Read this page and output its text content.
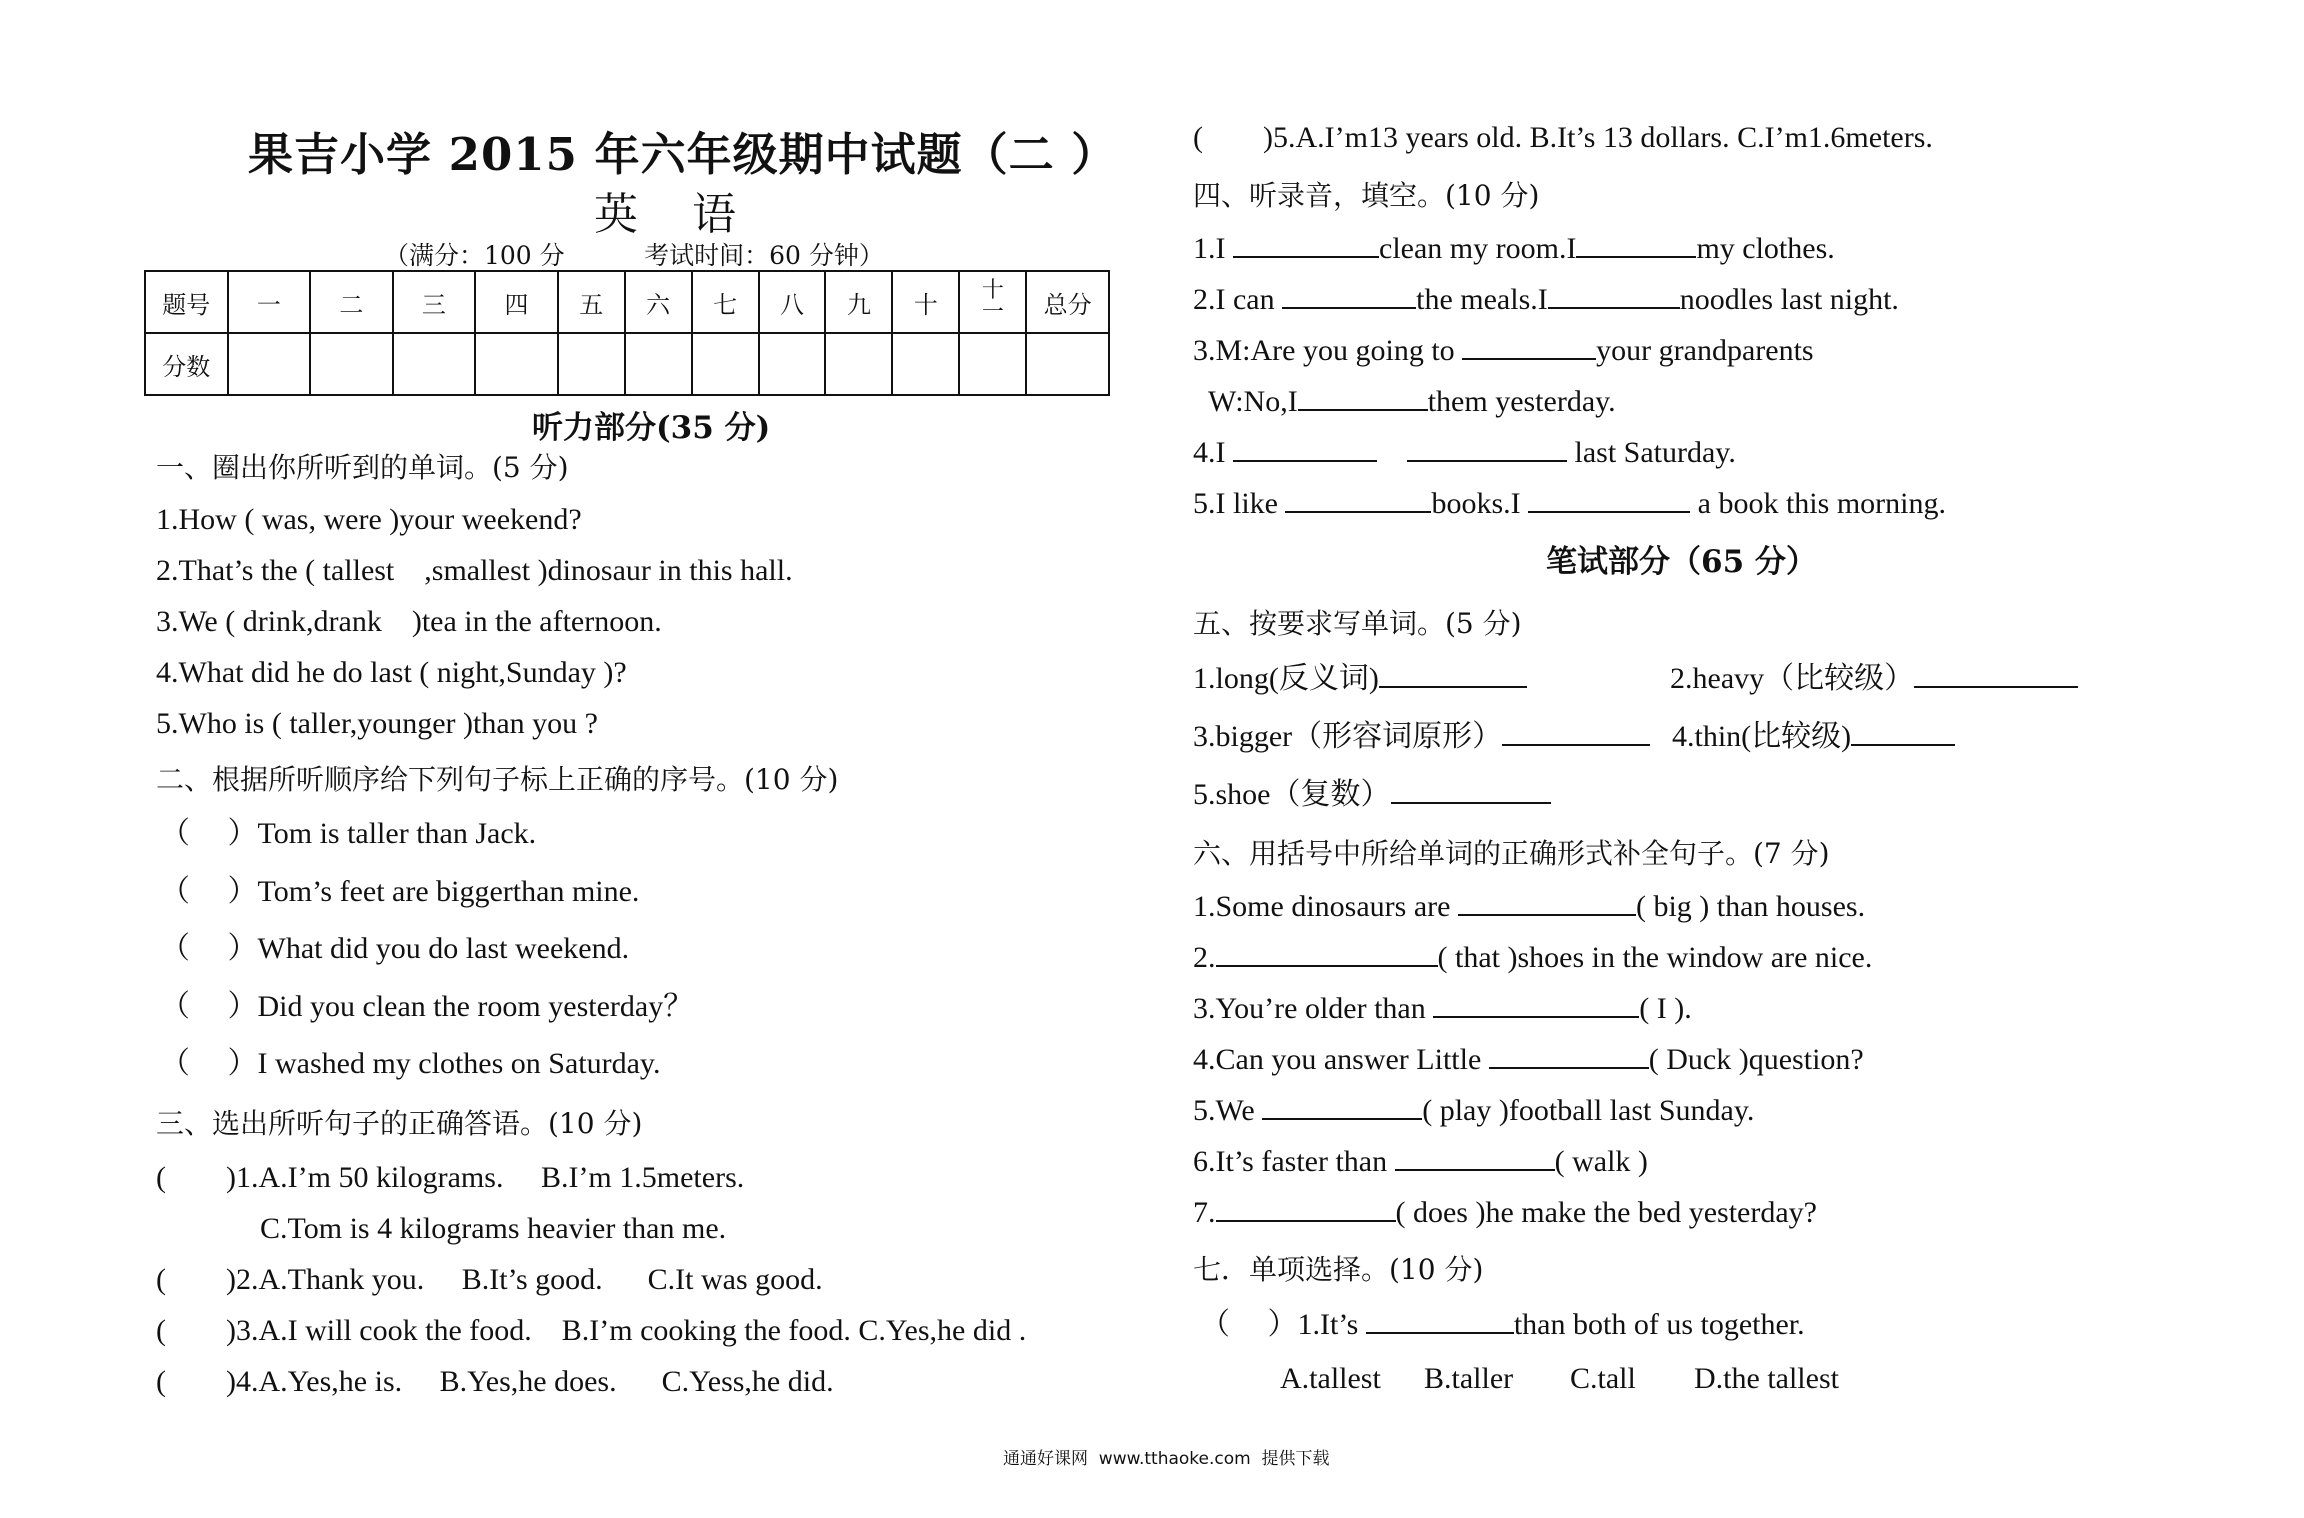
果吉小学 2015 年六年级期中试题（二 ）
英 语
（满分：100 分          考试时间：60 分钟）
题号	一	二	三	四	五	六	七	八	九	十	十一	总分
分数												
听力部分(35 分)
一、圈出你所听到的单词。(5 分)
1.How ( was, were )your weekend?
2.That’s the ( tallest    ,smallest )dinosaur in this hall.
3.We ( drink,drank    )tea in the afternoon.
4.What did he do last ( night,Sunday )?
5.Who is ( taller,younger )than you ?
二、根据所听顺序给下列句子标上正确的序号。(10 分)
（     ）Tom is taller than Jack.
（     ）Tom’s feet are biggerthan mine.
（     ）What did you do last weekend.
（     ）Did you clean the room yesterday？
（     ）I washed my clothes on Saturday.
三、选出所听句子的正确答语。(10 分)
(        )1.A.I’m 50 kilograms.     B.I’m 1.5meters.
C.Tom is 4 kilograms heavier than me.
(        )2.A.Thank you.     B.It’s good.      C.It was good.
(        )3.A.I will cook the food.    B.I’m cooking the food. C.Yes,he did .
(        )4.A.Yes,he is.     B.Yes,he does.      C.Yess,he did.
(        )5.A.I’m13 years old. B.It’s 13 dollars. C.I’m1.6meters.
四、听录音，填空。(10 分)
1.I	clean my room.I	my clothes.
2.I can	the meals.I	noodles last night.
3.M:Are you going to	your grandparents
W:No,I	them yesterday.
4.I	last Saturday.
5.I like	books.I	a book this morning.
笔试部分（65 分）
五、按要求写单词。(5 分)
1.long(反义词)	2.heavy（比较级）
3.bigger（形容词原形）	4.thin(比较级)
5.shoe（复数）
六、用括号中所给单词的正确形式补全句子。(7 分)
1.Some dinosaurs are	( big ) than houses.
2.	( that )shoes in the window are nice.
3.You’re older than	( I ).
4.Can you answer Little	( Duck )question?
5.We	( play )football last Sunday.
6.It’s faster than	( walk )
7.	( does )he make the bed yesterday?
七．单项选择。(10 分)
（     ）1.It’s	than both of us together.
A.tallest B.taller C.tall D.the tallest
通通好课网  www.tthaoke.com  提供下载
